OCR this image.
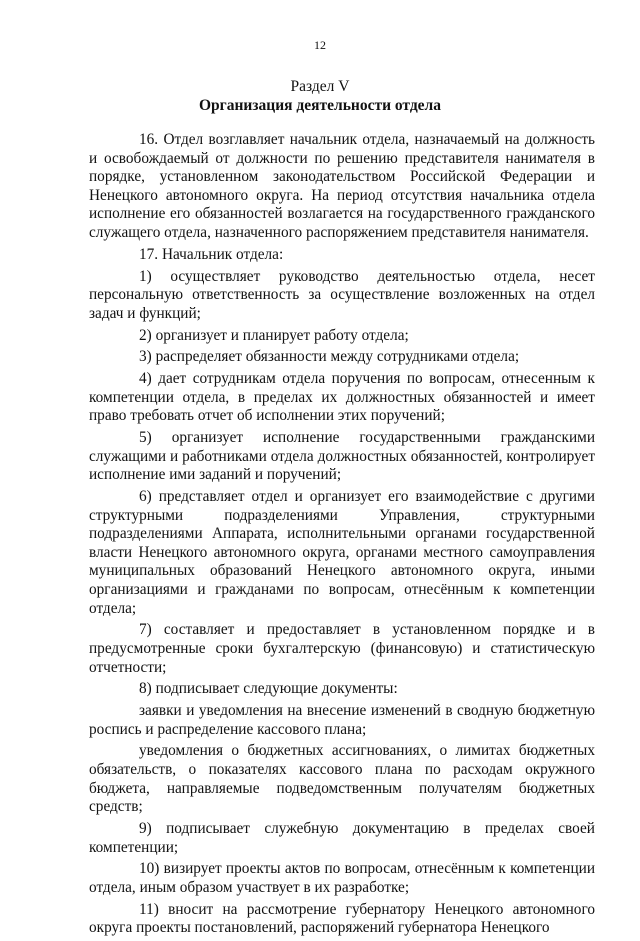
12
Раздел V
Организация деятельности отдела

16. Отдел возглавляет начальник отдела, назначаемый на должность и освобождаемый от должности по решению представителя нанимателя в порядке, установленном законодательством Российской Федерации и Ненецкого автономного округа. На период отсутствия начальника отдела исполнение его обязанностей возлагается на государственного гражданского служащего отдела, назначенного распоряжением представителя нанимателя.

17. Начальник отдела:

1) осуществляет руководство деятельностью отдела, несет персональную ответственность за осуществление возложенных на отдел задач и функций;

2) организует и планирует работу отдела;

3) распределяет обязанности между сотрудниками отдела;

4) дает сотрудникам отдела поручения по вопросам, отнесенным к компетенции отдела, в пределах их должностных обязанностей и имеет право требовать отчет об исполнении этих поручений;

5) организует исполнение государственными гражданскими служащими и работниками отдела должностных обязанностей, контролирует исполнение ими заданий и поручений;

6) представляет отдел и организует его взаимодействие с другими структурными подразделениями Управления, структурными подразделениями Аппарата, исполнительными органами государственной власти Ненецкого автономного округа, органами местного самоуправления муниципальных образований Ненецкого автономного округа, иными организациями и гражданами по вопросам, отнесённым к компетенции отдела;

7) составляет и предоставляет в установленном порядке и в предусмотренные сроки бухгалтерскую (финансовую) и статистическую отчетности;

8) подписывает следующие документы:

заявки и уведомления на внесение изменений в сводную бюджетную роспись и распределение кассового плана;

уведомления о бюджетных ассигнованиях, о лимитах бюджетных обязательств, о показателях кассового плана по расходам окружного бюджета, направляемые подведомственным получателям бюджетных средств;

9) подписывает служебную документацию в пределах своей компетенции;

10) визирует проекты актов по вопросам, отнесённым к компетенции отдела, иным образом участвует в их разработке;

11) вносит на рассмотрение губернатору Ненецкого автономного округа проекты постановлений, распоряжений губернатора Ненецкого
